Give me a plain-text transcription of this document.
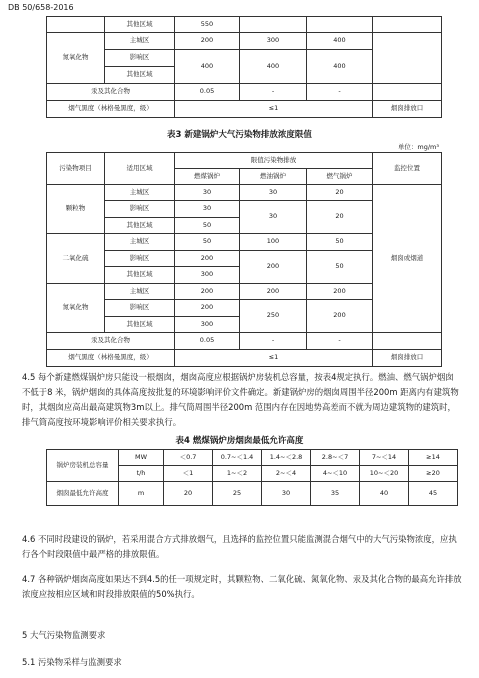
DB 50/658-2016
	其他区域	550			
氮氧化物	主城区	200	300	400	
	影响区	400	400	400	
	其他区域				
汞及其化合物		0.05	-	-	
烟气黑度（林格曼黑度，级）		≤1			烟囱排放口
表3 新建锅炉大气污染物排放浓度限值
单位：mg/m³
污染物项目	适用区域	限值污染物排放			监控位置
		燃煤锅炉	燃油锅炉	燃气锅炉	
颗粒物	主城区	30	30	20	烟囱或烟道
	影响区	30	30	20	
	其他区域	50			
二氧化硫	主城区	50	100	50	
	影响区	200	200	50	
	其他区域	300			
氮氧化物	主城区	200	200	200	
	影响区	200	250	200	
	其他区域	300			
汞及其化合物		0.05	-	-	
烟气黑度（林格曼黑度，级）		≤1			烟囱排放口
4.5 每个新建燃煤锅炉房只能设一根烟囱，烟囱高度应根据锅炉房装机总容量，按表4规定执行。燃油、燃气锅炉烟囱不低于8 米，锅炉烟囱的具体高度按批复的环境影响评价文件确定。新建锅炉房的烟囱周围半径200m 距离内有建筑物时，其烟囱应高出最高建筑物3m以上。排气筒周围半径200m 范围内存在因地势高差而不就为周边建筑物的建筑时，排气筒高度按环境影响评价相关要求执行。
表4 燃煤锅炉房烟囱最低允许高度
锅炉房装机总容量	MW	＜0.7	0.7~＜1.4	1.4~＜2.8	2.8~＜7	7~＜14	≥14
	t/h	＜1	1~＜2	2~＜4	4~＜10	10~＜20	≥20
烟囱最低允许高度	m	20	25	30	35	40	45
4.6 不同时段建设的锅炉，若采用混合方式排放烟气，且选择的监控位置只能监测混合烟气中的大气污染物浓度，应执行各个时段限值中最严格的排放限值。
4.7 各种锅炉烟囱高度如果达不到4.5的任一项规定时，其颗粒物、二氧化硫、氮氧化物、汞及其化合物的最高允许排放浓度应按相应区域和时段排放限值的50%执行。
5 大气污染物监测要求
5.1 污染物采样与监测要求
